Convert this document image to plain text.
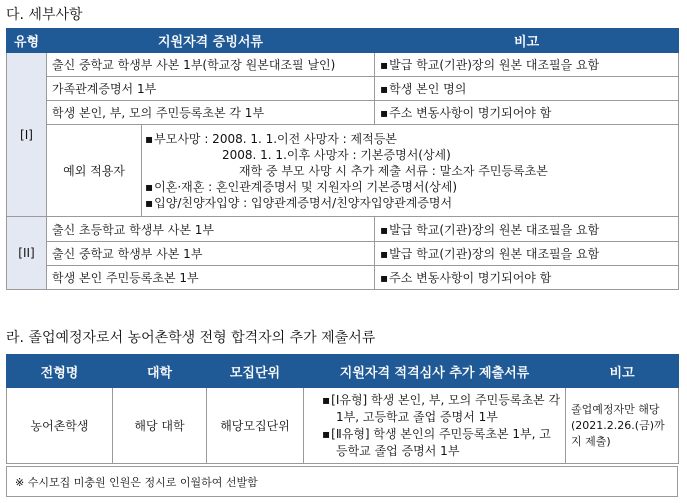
다. 세부사항
유형	지원자격 증빙서류		비고
[I]	출신 중학교 학생부 사본 1부(학교장 원본대조필 날인)		▪ 발급 학교(기관)장의 원본 대조필을 요함
	가족관계증명서 1부		▪ 학생 본인 명의
	학생 본인, 부, 모의 주민등록초본 각 1부		▪ 주소 변동사항이 명기되어야 함
	예외 적용자	▪ 부모사망 : 2008. 1. 1.이전 사망자 : 제적등본
2008. 1. 1.이후 사망자 : 기본증명서(상세)
재학 중 부모 사망 시 추가 제출 서류 : 말소자 주민등록초본
▪ 이혼·재혼 : 혼인관계증명서 및 지원자의 기본증명서(상세)
▪ 입양/친양자입양 : 입양관계증명서/친양자입양관계증명서

[II]	출신 초등학교 학생부 사본 1부		▪ 발급 학교(기관)장의 원본 대조필을 요함
	출신 중학교 학생부 사본 1부		▪ 발급 학교(기관)장의 원본 대조필을 요함
	학생 본인 주민등록초본 1부		▪ 주소 변동사항이 명기되어야 함
라. 졸업예정자로서 농어촌학생 전형 합격자의 추가 제출서류
전형명	대학	모집단위	지원자격 적격심사 추가 제출서류	비고
농어촌학생	해당 대학	해당모집단위	▪ [Ⅰ유형] 학생 본인, 부, 모의 주민등록초본 각 1부, 고등학교 졸업 증명서 1부
▪ [Ⅱ유형] 학생 본인의 주민등록초본 1부, 고등학교 졸업 증명서 1부	졸업예정자만 해당 (2021.2.26.(금)까지 제출)
※ 수시모집 미충원 인원은 정시로 이월하여 선발함
